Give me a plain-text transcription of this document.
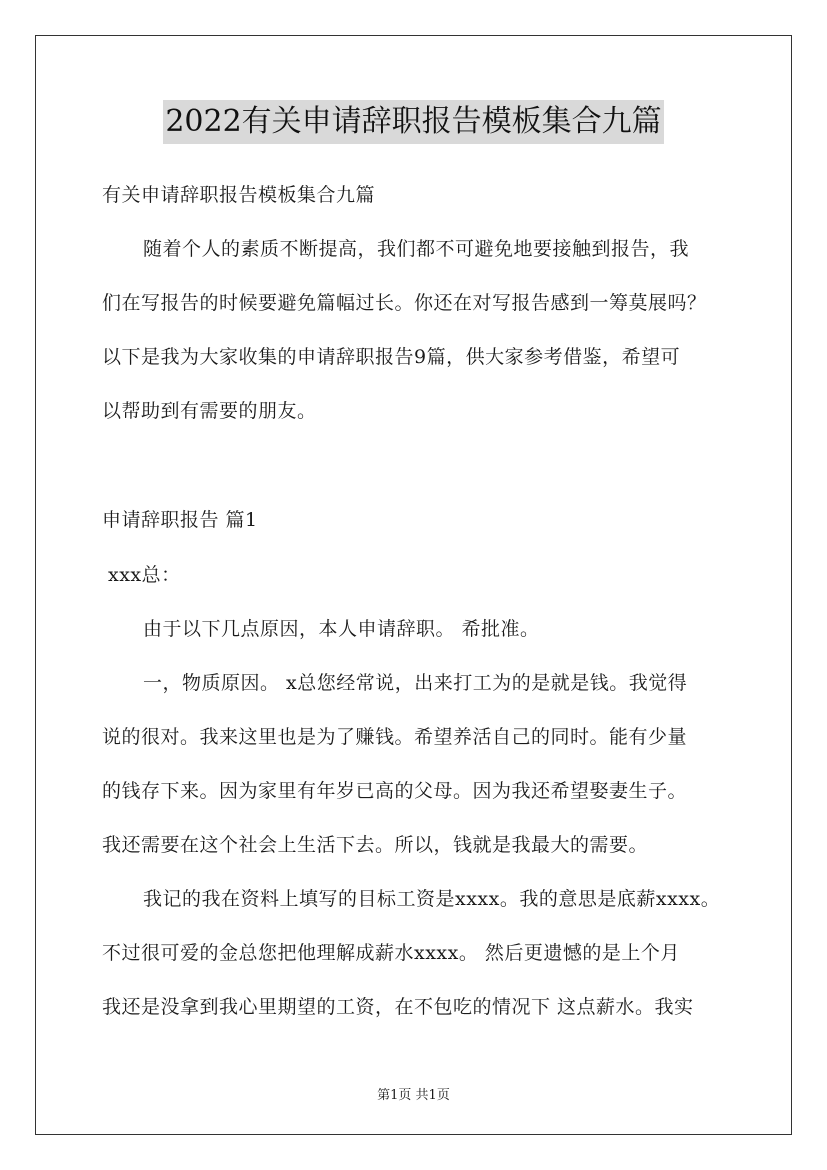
2022有关申请辞职报告模板集合九篇
有关申请辞职报告模板集合九篇
随着个人的素质不断提高，我们都不可避免地要接触到报告，我
们在写报告的时候要避免篇幅过长。你还在对写报告感到一筹莫展吗？
以下是我为大家收集的申请辞职报告9篇，供大家参考借鉴，希望可
以帮助到有需要的朋友。
申请辞职报告 篇1
xxx总：
由于以下几点原因，本人申请辞职。 希批准。
一，物质原因。 x总您经常说，出来打工为的是就是钱。我觉得
说的很对。我来这里也是为了赚钱。希望养活自己的同时。能有少量
的钱存下来。因为家里有年岁已高的父母。因为我还希望娶妻生子。
我还需要在这个社会上生活下去。所以，钱就是我最大的需要。
我记的我在资料上填写的目标工资是xxxx。我的意思是底薪xxxx。
不过很可爱的金总您把他理解成薪水xxxx。 然后更遗憾的是上个月
我还是没拿到我心里期望的工资，在不包吃的情况下 这点薪水。我实
第1页 共1页
